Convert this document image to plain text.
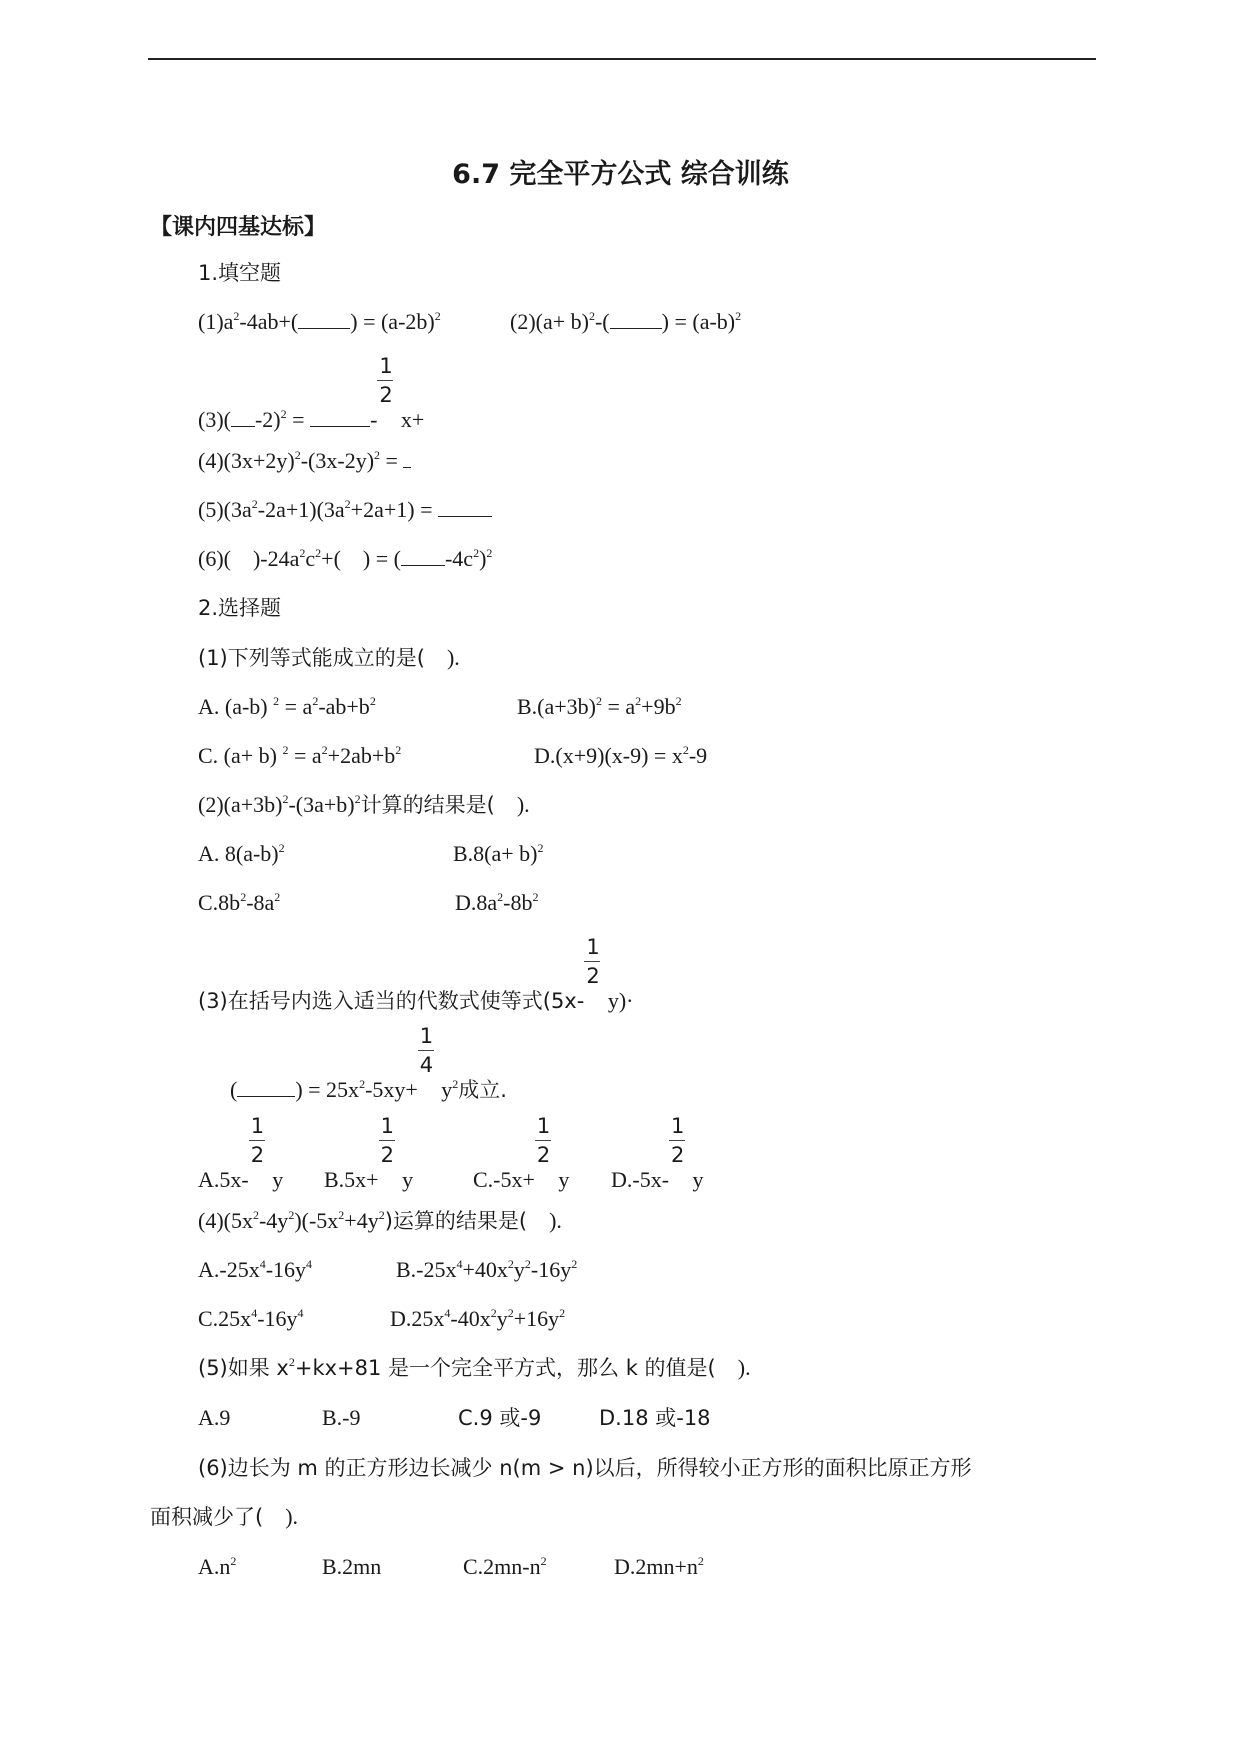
6.7 完全平方公式 综合训练
【课内四基达标】
1.填空题
$(1)a^2-4ab+$( ) = $(a-2b)^2$	$(2)(a+ b)^2-$( ) = $(a-b)^2$
(3)( -2)$^2$ =	- $\frac{1}{2} x+$
$(4)(3x+2y)^2-(3x-2y)^2$ =
$(5)(3a^2-2a+1)(3a^2+2a+1)$ =
(6)( )$-24a^2c^2+$( ) = ( $-4c^2)^2$
2.选择题
(1)下列等式能成立的是( ).
A. (a-b) $^2 = a^2-ab+b^2$	$B.(a+3b)^2 = a^2+9b^2$
C. (a+ b) $^2 = a^2+2ab+b^2$	$D.(x+9)(x-9) = x^2-9$
$(2)(a+3b)^2-(3a+b)^2$计算的结果是( ).
A. $8(a-b)^2$	$B.8(a+ b)^2$
$C.8b^2-8a^2$	$D.8a^2-8b^2$
(3)在括号内选入适当的代数式使等式$(5x- \frac{1}{2} y)\cdot$
(	) = $25x^2-5xy+ \frac{1}{4} y^2$成立.
$A.5x- \frac{1}{2}$ y $B.5x+ \frac{1}{2}$ y	$C.-5x+ \frac{1}{2}$ y $D.-5x- \frac{1}{2}$ y
$(4)(5x^2-4y^2)(-5x^2+4y^2)$运算的结果是( ).
$A.-25x^4-16y^4$	$B.-25x^4+40x^2y^2-16y^2$
$C.25x^4-16y^4$	$D.25x^4-40x^2y^2+16y^2$
(5)如果 $x^2+kx+81$ 是一个完全平方式，那么 k 的值是( ).
A.9	B.-9	C.9 或-9	D.18 或-18
(6)边长为 m 的正方形边长减少 n(m > n)以后，所得较小正方形的面积比原正方形
面积减少了( ).
$A.n^2$	B.2mn	$C.2mn-n^2$	$D.2mn+n^2$
